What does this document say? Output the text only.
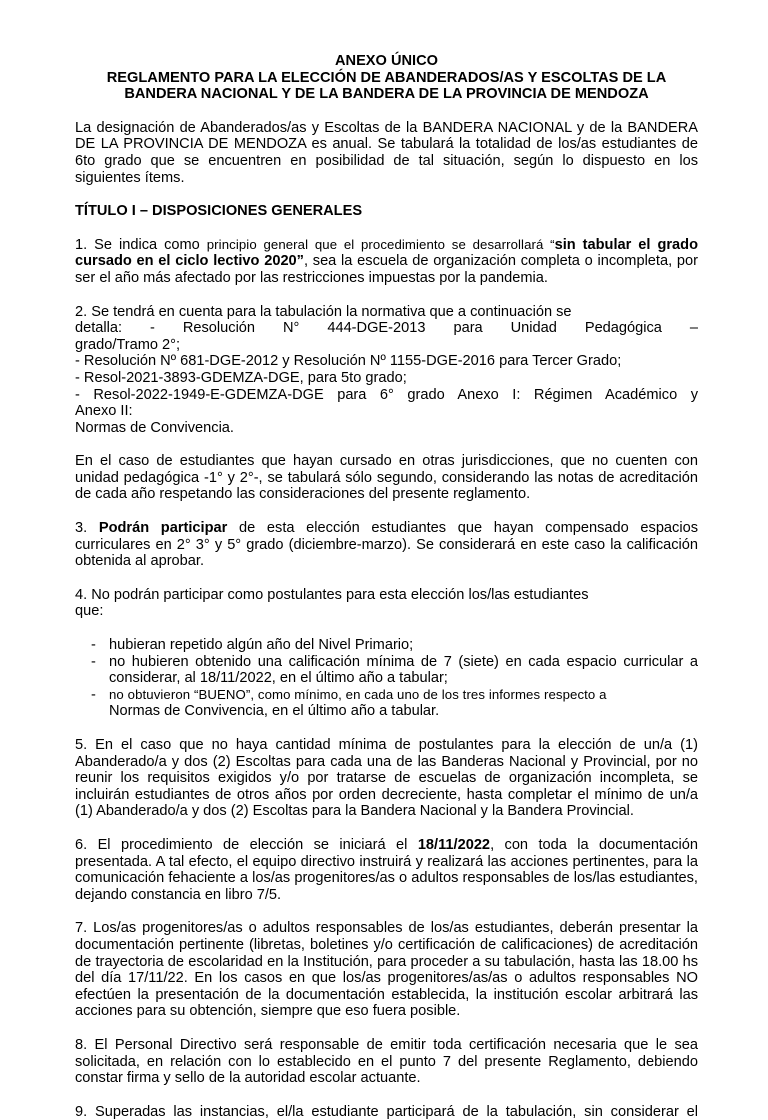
ANEXO ÚNICO
REGLAMENTO PARA LA ELECCIÓN DE ABANDERADOS/AS Y ESCOLTAS DE LA
BANDERA NACIONAL Y DE LA BANDERA DE LA PROVINCIA DE MENDOZA

La designación de Abanderados/as y Escoltas de la BANDERA NACIONAL y de la BANDERA DE LA PROVINCIA DE MENDOZA es anual. Se tabulará la totalidad de los/as estudiantes de 6to grado que se encuentren en posibilidad de tal situación, según lo dispuesto en los siguientes ítems.

TÍTULO I – DISPOSICIONES GENERALES

1. Se indica como principio general que el procedimiento se desarrollará “sin tabular el grado cursado en el ciclo lectivo 2020”, sea la escuela de organización completa o incompleta, por ser el año más afectado por las restricciones impuestas por la pandemia.

2. Se tendrá en cuenta para la tabulación la normativa que a continuación se

detalla: - Resolución N° 444-DGE-2013 para Unidad Pedagógica –

grado/Tramo 2°;

- Resolución Nº 681-DGE-2012 y Resolución Nº 1155-DGE-2016 para Tercer Grado;

- Resol-2021-3893-GDEMZA-DGE, para 5to grado;

- Resol-2022-1949-E-GDEMZA-DGE para 6° grado Anexo I: Régimen Académico y

Anexo II:

Normas de Convivencia.

En el caso de estudiantes que hayan cursado en otras jurisdicciones, que no cuenten con unidad pedagógica -1° y 2°-, se tabulará sólo segundo, considerando las notas de acreditación de cada año respetando las consideraciones del presente reglamento.

3. Podrán participar de esta elección estudiantes que hayan compensado espacios curriculares en 2° 3° y 5° grado (diciembre-marzo). Se considerará en este caso la calificación obtenida al aprobar.

4. No podrán participar como postulantes para esta elección los/las estudiantes

que:

- hubieran repetido algún año del Nivel Primario;
- no hubieren obtenido una calificación mínima de 7 (siete) en cada espacio curricular a considerar, al 18/11/2022, en el último año a tabular;
- no obtuvieron “BUENO”, como mínimo, en cada uno de los tres informes respecto a
Normas de Convivencia, en el último año a tabular.

5. En el caso que no haya cantidad mínima de postulantes para la elección de un/a (1) Abanderado/a y dos (2) Escoltas para cada una de las Banderas Nacional y Provincial, por no reunir los requisitos exigidos y/o por tratarse de escuelas de organización incompleta, se incluirán estudiantes de otros años por orden decreciente, hasta completar el mínimo de un/a (1) Abanderado/a y dos (2) Escoltas para la Bandera Nacional y la Bandera Provincial.

6. El procedimiento de elección se iniciará el 18/11/2022, con toda la documentación presentada. A tal efecto, el equipo directivo instruirá y realizará las acciones pertinentes, para la comunicación fehaciente a los/as progenitores/as o adultos responsables de los/las estudiantes, dejando constancia en libro 7/5.

7. Los/as progenitores/as o adultos responsables de los/as estudiantes, deberán presentar la documentación pertinente (libretas, boletines y/o certificación de calificaciones) de acreditación de trayectoria de escolaridad en la Institución, para proceder a su tabulación, hasta las 18.00 hs del día 17/11/22. En los casos en que los/as progenitores/as/as o adultos responsables NO efectúen la presentación de la documentación establecida, la institución escolar arbitrará las acciones para su obtención, siempre que eso fuera posible.

8. El Personal Directivo será responsable de emitir toda certificación necesaria que le sea solicitada, en relación con lo establecido en el punto 7 del presente Reglamento, debiendo constar firma y sello de la autoridad escolar actuante.

9. Superadas las instancias, el/la estudiante participará de la tabulación, sin considerar el
